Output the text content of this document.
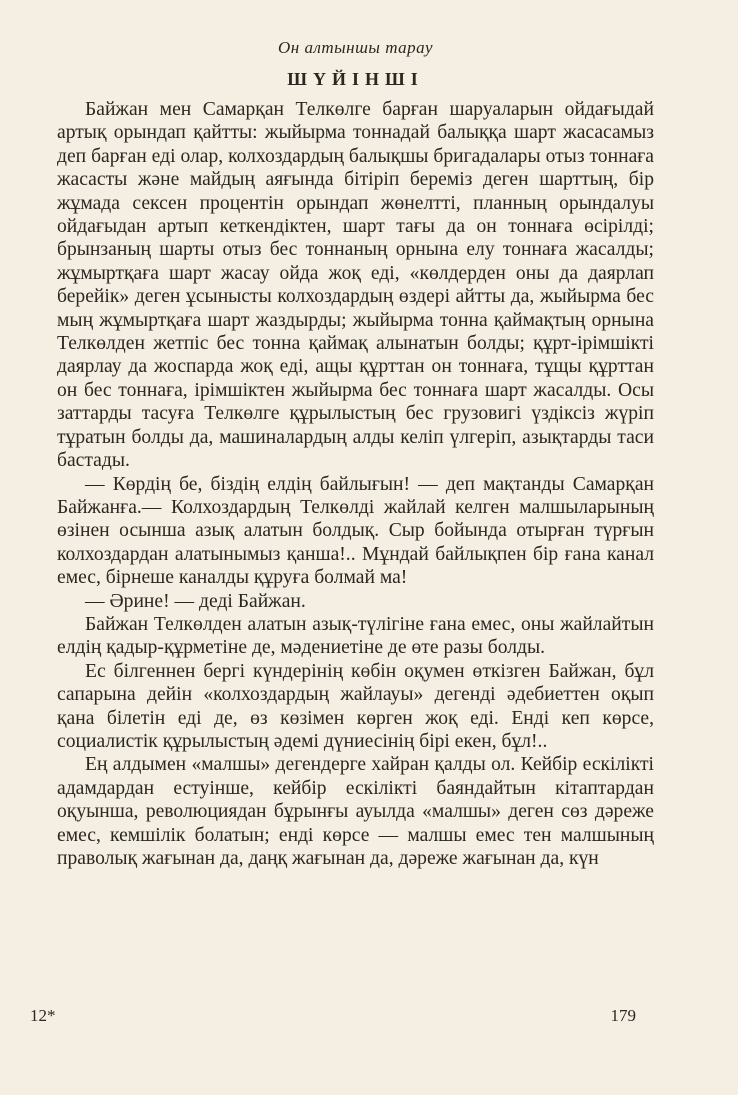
Он алтыншы тарау

ШҮЙІНШІ

Байжан мен Самарқан Телкөлге барған шаруаларын ойдағыдай артық орындап қайтты: жыйырма тоннадай балыққа шарт жасасамыз деп барған еді олар, колхоздардың балықшы бригадалары отыз тоннаға жасасты және майдың аяғында бітіріп береміз деген шарттың, бір жұмада сексен процентін орындап жөнелтті, планның орындалуы ойдағыдан артып кеткендіктен, шарт тағы да он тоннаға өсірілді; брынзаның шарты отыз бес тоннаның орнына елу тоннаға жасалды; жұмыртқаға шарт жасау ойда жоқ еді, «көлдерден оны да даярлап берейік» деген ұсынысты колхоздардың өздері айтты да, жыйырма бес мың жұмыртқаға шарт жаздырды; жыйырма тонна қаймақтың орнына Телкөлден жетпіс бес тонна қаймақ алынатын болды; құрт-ірімшікті даярлау да жоспарда жоқ еді, ащы құрттан он тоннаға, тұщы құрттан он бес тоннаға, ірімшіктен жыйырма бес тоннаға шарт жасалды. Осы заттарды тасуға Телкөлге құрылыстың бес грузовигі үздіксіз жүріп тұратын болды да, машиналардың алды келіп үлгеріп, азықтарды таси бастады.

— Көрдің бе, біздің елдің байлығын! — деп мақтанды Самарқан Байжанға.— Колхоздардың Телкөлді жайлай келген малшыларының өзінен осынша азық алатын болдық. Сыр бойында отырған түрғын колхоздардан алатынымыз қанша!.. Мұндай байлықпен бір ғана канал емес, бірнеше каналды құруға болмай ма!

— Әрине! — деді Байжан.

Байжан Телкөлден алатын азық-түлігіне ғана емес, оны жайлайтын елдің қадыр-құрметіне де, мәдениетіне де өте разы болды.

Ес білгеннен бергі күндерінің көбін оқумен өткізген Байжан, бұл сапарына дейін «колхоздардың жайлауы» дегенді әдебиеттен оқып қана білетін еді де, өз көзімен көрген жоқ еді. Енді кеп көрсе, социалистік құрылыстың әдемі дүниесінің бірі екен, бұл!..

Ең алдымен «малшы» дегендерге хайран қалды ол. Кейбір ескілікті адамдардан естуінше, кейбір ескілікті баяндайтын кітаптардан оқуынша, революциядан бұрынғы ауылда «малшы» деген сөз дәреже емес, кемшілік болатын; енді көрсе — малшы емес тен малшының праволық жағынан да, даңқ жағынан да, дәреже жағынан да, күн

12*	179
